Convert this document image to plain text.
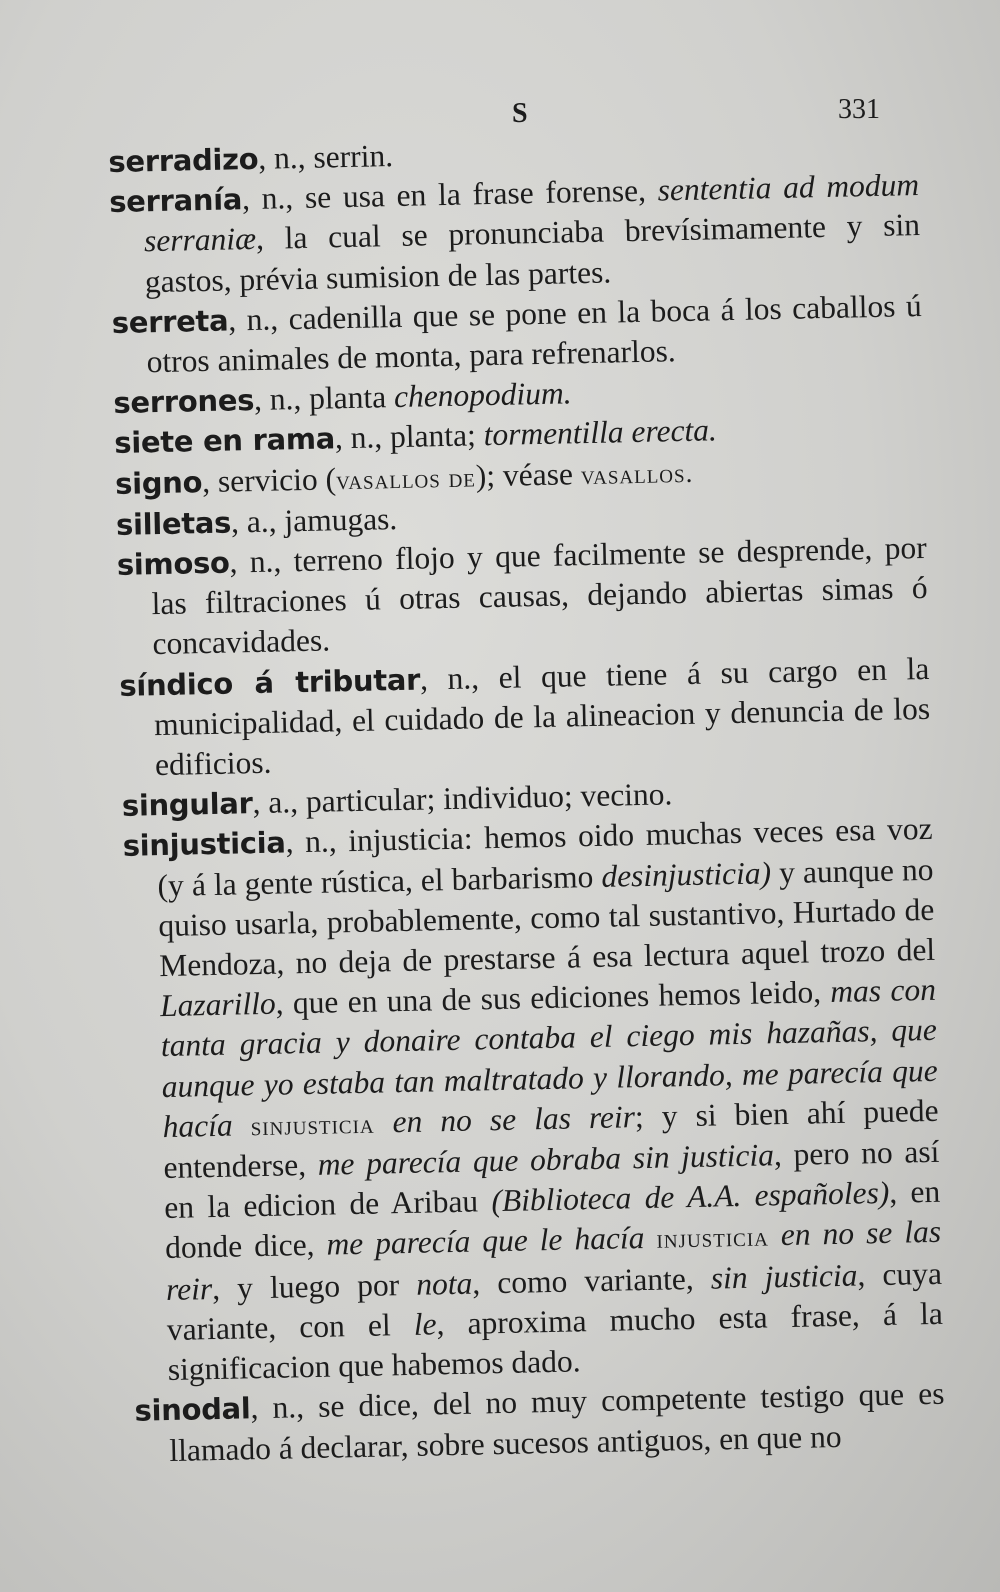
S	331

serradizo, n., serrin.

serranía, n., se usa en la frase forense, sententia ad modum serraniæ, la cual se pronunciaba brevísimamente y sin gastos, prévia sumision de las partes.

serreta, n., cadenilla que se pone en la boca á los caballos ú otros animales de monta, para refrenarlos.

serrones, n., planta chenopodium.

siete en rama, n., planta; tormentilla erecta.

signo, servicio (vasallos de); véase vasallos.

silletas, a., jamugas.

simoso, n., terreno flojo y que facilmente se desprende, por las filtraciones ú otras causas, dejando abiertas simas ó concavidades.

síndico á tributar, n., el que tiene á su cargo en la municipalidad, el cuidado de la alineacion y denuncia de los edificios.

singular, a., particular; individuo; vecino.

sinjusticia, n., injusticia: hemos oido muchas veces esa voz (y á la gente rústica, el barbarismo desinjusticia) y aunque no quiso usarla, probablemente, como tal sustantivo, Hurtado de Mendoza, no deja de prestarse á esa lectura aquel trozo del Lazarillo, que en una de sus ediciones hemos leido, mas con tanta gracia y donaire contaba el ciego mis hazañas, que aunque yo estaba tan maltratado y llorando, me parecía que hacía sinjusticia en no se las reir; y si bien ahí puede entenderse, me parecía que obraba sin justicia, pero no así en la edicion de Aribau (Biblioteca de A.A. españoles), en donde dice, me parecía que le hacía injusticia en no se las reir, y luego por nota, como variante, sin justicia, cuya variante, con el le, aproxima mucho esta frase, á la significacion que habemos dado.

sinodal, n., se dice, del no muy competente testigo que es llamado á declarar, sobre sucesos antiguos, en que no
